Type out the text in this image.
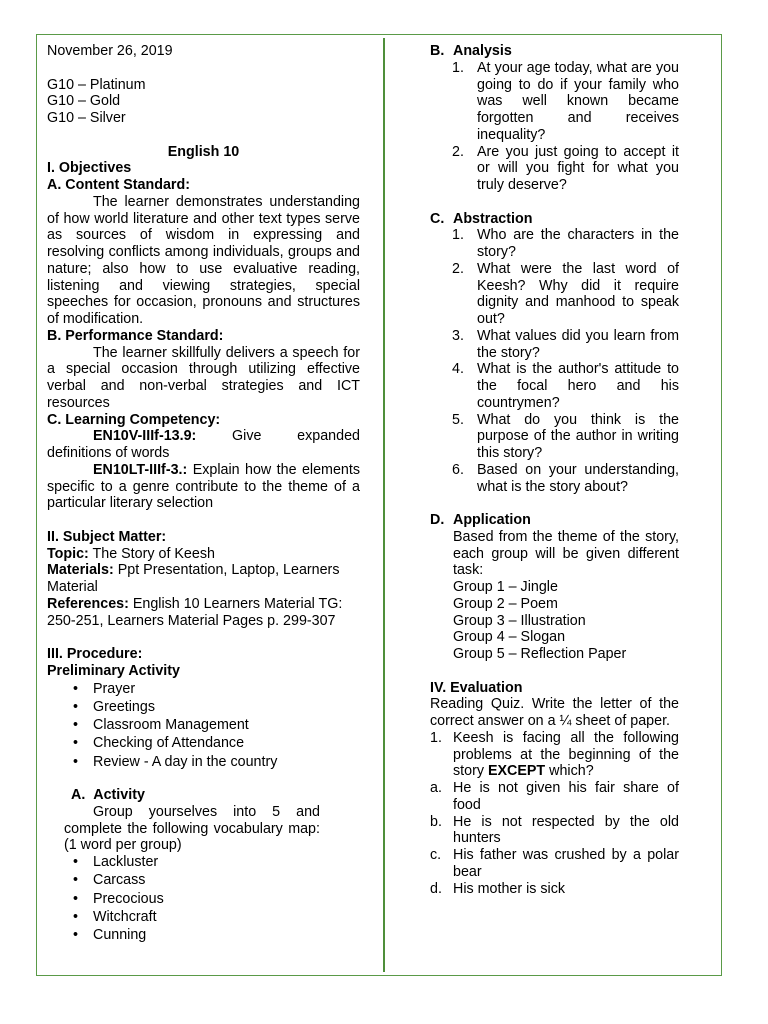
November 26, 2019

G10 – Platinum

G10 – Gold

G10 – Silver

English 10

I. Objectives

A. Content Standard:

The learner demonstrates understanding of how world literature and other text types serve as sources of wisdom in expressing and resolving conflicts among individuals, groups and nature; also how to use evaluative reading, listening and viewing strategies, special speeches for occasion, pronouns and structures of modification.

B. Performance Standard:

The learner skillfully delivers a speech for a special occasion through utilizing effective verbal and non-verbal strategies and ICT resources

C. Learning Competency:

EN10V-IIIf-13.9: Give expanded definitions of words

EN10LT-IIIf-3.: Explain how the elements specific to a genre contribute to the theme of a particular literary selection

II. Subject Matter:

Topic: The Story of Keesh

Materials: Ppt Presentation, Laptop, Learners Material

References: English 10 Learners Material TG: 250-251, Learners Material Pages p. 299-307

III. Procedure:

Preliminary Activity

• Prayer
• Greetings
• Classroom Management
• Checking of Attendance
• Review - A day in the country

A. Activity

Group yourselves into 5 and complete the following vocabulary map: (1 word per group)

• Lackluster
• Carcass
• Precocious
• Witchcraft
• Cunning

B. Analysis

1. At your age today, what are you going to do if your family who was well known became forgotten and receives inequality?

2. Are you just going to accept it or will you fight for what you truly deserve?

C. Abstraction

1. Who are the characters in the story?

2. What were the last word of Keesh? Why did it require dignity and manhood to speak out?

3. What values did you learn from the story?

4. What is the author's attitude to the focal hero and his countrymen?

5. What do you think is the purpose of the author in writing this story?

6. Based on your understanding, what is the story about?

D. Application

Based from the theme of the story, each group will be given different task:

Group 1 – Jingle

Group 2 – Poem

Group 3 – Illustration

Group 4 – Slogan

Group 5 – Reflection Paper

IV. Evaluation

Reading Quiz. Write the letter of the correct answer on a ¼ sheet of paper.

1. Keesh is facing all the following problems at the beginning of the story EXCEPT which?

a. He is not given his fair share of food

b. He is not respected by the old hunters

c. His father was crushed by a polar bear

d. His mother is sick
